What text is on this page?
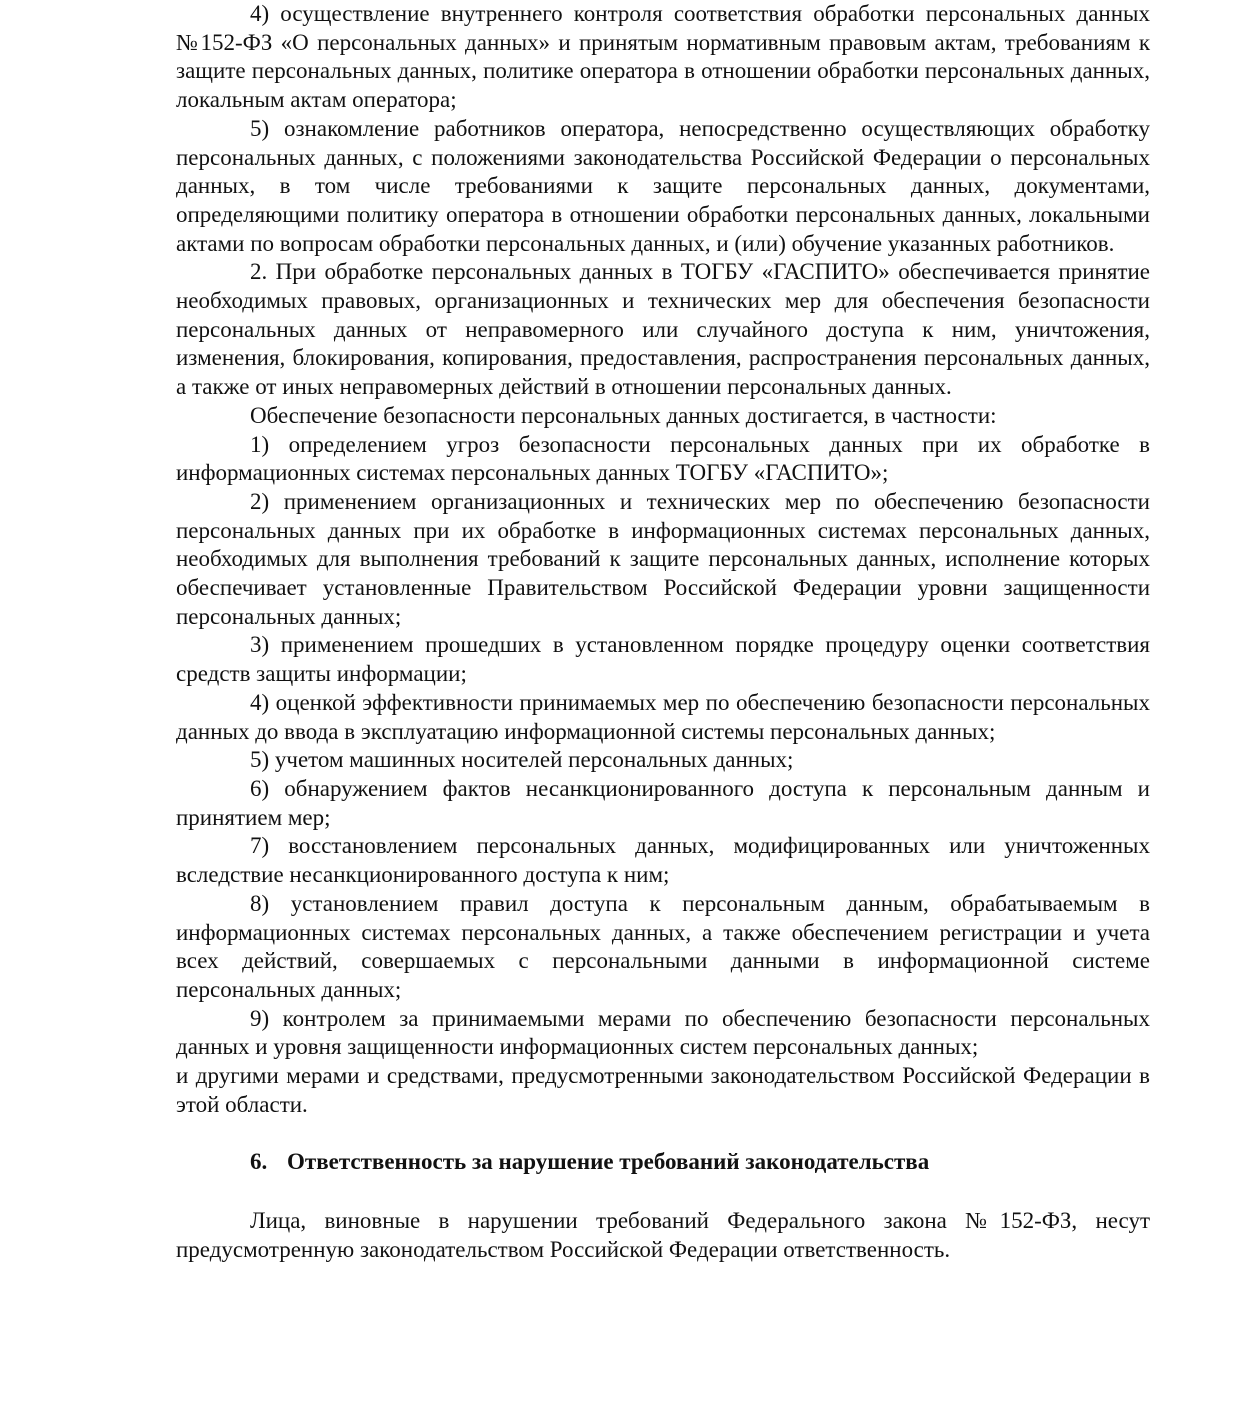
4) осуществление внутреннего контроля соответствия обработки персональных данных №152-ФЗ «О персональных данных» и принятым нормативным правовым актам, требованиям к защите персональных данных, политике оператора в отношении обработки персональных данных, локальным актам оператора;

5) ознакомление работников оператора, непосредственно осуществляющих обработку персональных данных, с положениями законодательства Российской Федерации о персональных данных, в том числе требованиями к защите персональных данных, документами, определяющими политику оператора в отношении обработки персональных данных, локальными актами по вопросам обработки персональных данных, и (или) обучение указанных работников.

2. При обработке персональных данных в ТОГБУ «ГАСПИТО» обеспечивается принятие необходимых правовых, организационных и технических мер для обеспечения безопасности персональных данных от неправомерного или случайного доступа к ним, уничтожения, изменения, блокирования, копирования, предоставления, распространения персональных данных, а также от иных неправомерных действий в отношении персональных данных.

Обеспечение безопасности персональных данных достигается, в частности:

1) определением угроз безопасности персональных данных при их обработке в информационных системах персональных данных ТОГБУ «ГАСПИТО»;

2) применением организационных и технических мер по обеспечению безопасности персональных данных при их обработке в информационных системах персональных данных, необходимых для выполнения требований к защите персональных данных, исполнение которых обеспечивает установленные Правительством Российской Федерации уровни защищенности персональных данных;

3) применением прошедших в установленном порядке процедуру оценки соответствия средств защиты информации;

4) оценкой эффективности принимаемых мер по обеспечению безопасности персональных данных до ввода в эксплуатацию информационной системы персональных данных;

5) учетом машинных носителей персональных данных;

6) обнаружением фактов несанкционированного доступа к персональным данным и принятием мер;

7) восстановлением персональных данных, модифицированных или уничтоженных вследствие несанкционированного доступа к ним;

8) установлением правил доступа к персональным данным, обрабатываемым в информационных системах персональных данных, а также обеспечением регистрации и учета всех действий, совершаемых с персональными данными в информационной системе персональных данных;

9) контролем за принимаемыми мерами по обеспечению безопасности персональных данных и уровня защищенности информационных систем персональных данных;

и другими мерами и средствами, предусмотренными законодательством Российской Федерации в этой области.

6. Ответственность за нарушение требований законодательства

Лица, виновные в нарушении требований Федерального закона №152-ФЗ, несут предусмотренную законодательством Российской Федерации ответственность.
